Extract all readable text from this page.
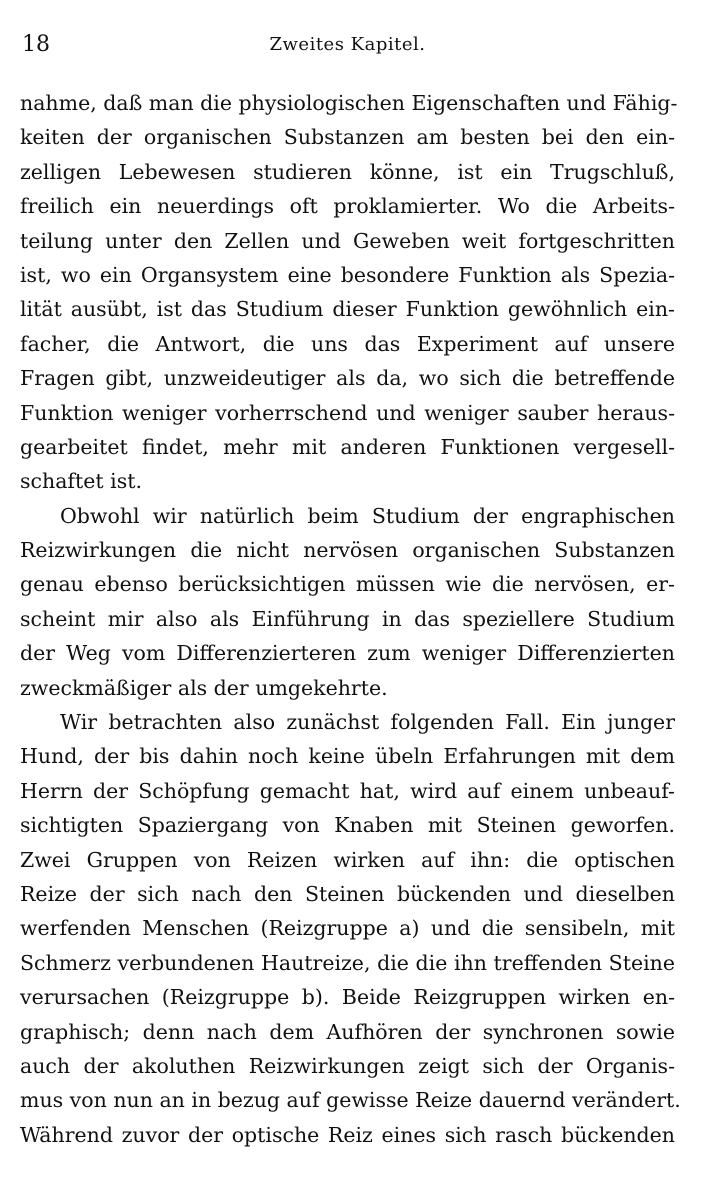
18	Zweites Kapitel.
nahme, daß man die physiologischen Eigenschaften und Fähig-
keiten der organischen Substanzen am besten bei den ein-
zelligen Lebewesen studieren könne, ist ein Trugschluß,
freilich ein neuerdings oft proklamierter. Wo die Arbeits-
teilung unter den Zellen und Geweben weit fortgeschritten
ist, wo ein Organsystem eine besondere Funktion als Spezia-
lität ausübt, ist das Studium dieser Funktion gewöhnlich ein-
facher, die Antwort, die uns das Experiment auf unsere
Fragen gibt, unzweideutiger als da, wo sich die betreffende
Funktion weniger vorherrschend und weniger sauber heraus-
gearbeitet findet, mehr mit anderen Funktionen vergesell-
schaftet ist.
Obwohl wir natürlich beim Studium der engraphischen
Reizwirkungen die nicht nervösen organischen Substanzen
genau ebenso berücksichtigen müssen wie die nervösen, er-
scheint mir also als Einführung in das speziellere Studium
der Weg vom Differenzierteren zum weniger Differenzierten
zweckmäßiger als der umgekehrte.
Wir betrachten also zunächst folgenden Fall. Ein junger
Hund, der bis dahin noch keine übeln Erfahrungen mit dem
Herrn der Schöpfung gemacht hat, wird auf einem unbeauf-
sichtigten Spaziergang von Knaben mit Steinen geworfen.
Zwei Gruppen von Reizen wirken auf ihn: die optischen
Reize der sich nach den Steinen bückenden und dieselben
werfenden Menschen (Reizgruppe a) und die sensibeln, mit
Schmerz verbundenen Hautreize, die die ihn treffenden Steine
verursachen (Reizgruppe b). Beide Reizgruppen wirken en-
graphisch; denn nach dem Aufhören der synchronen sowie
auch der akoluthen Reizwirkungen zeigt sich der Organis-
mus von nun an in bezug auf gewisse Reize dauernd verändert.
Während zuvor der optische Reiz eines sich rasch bückenden
